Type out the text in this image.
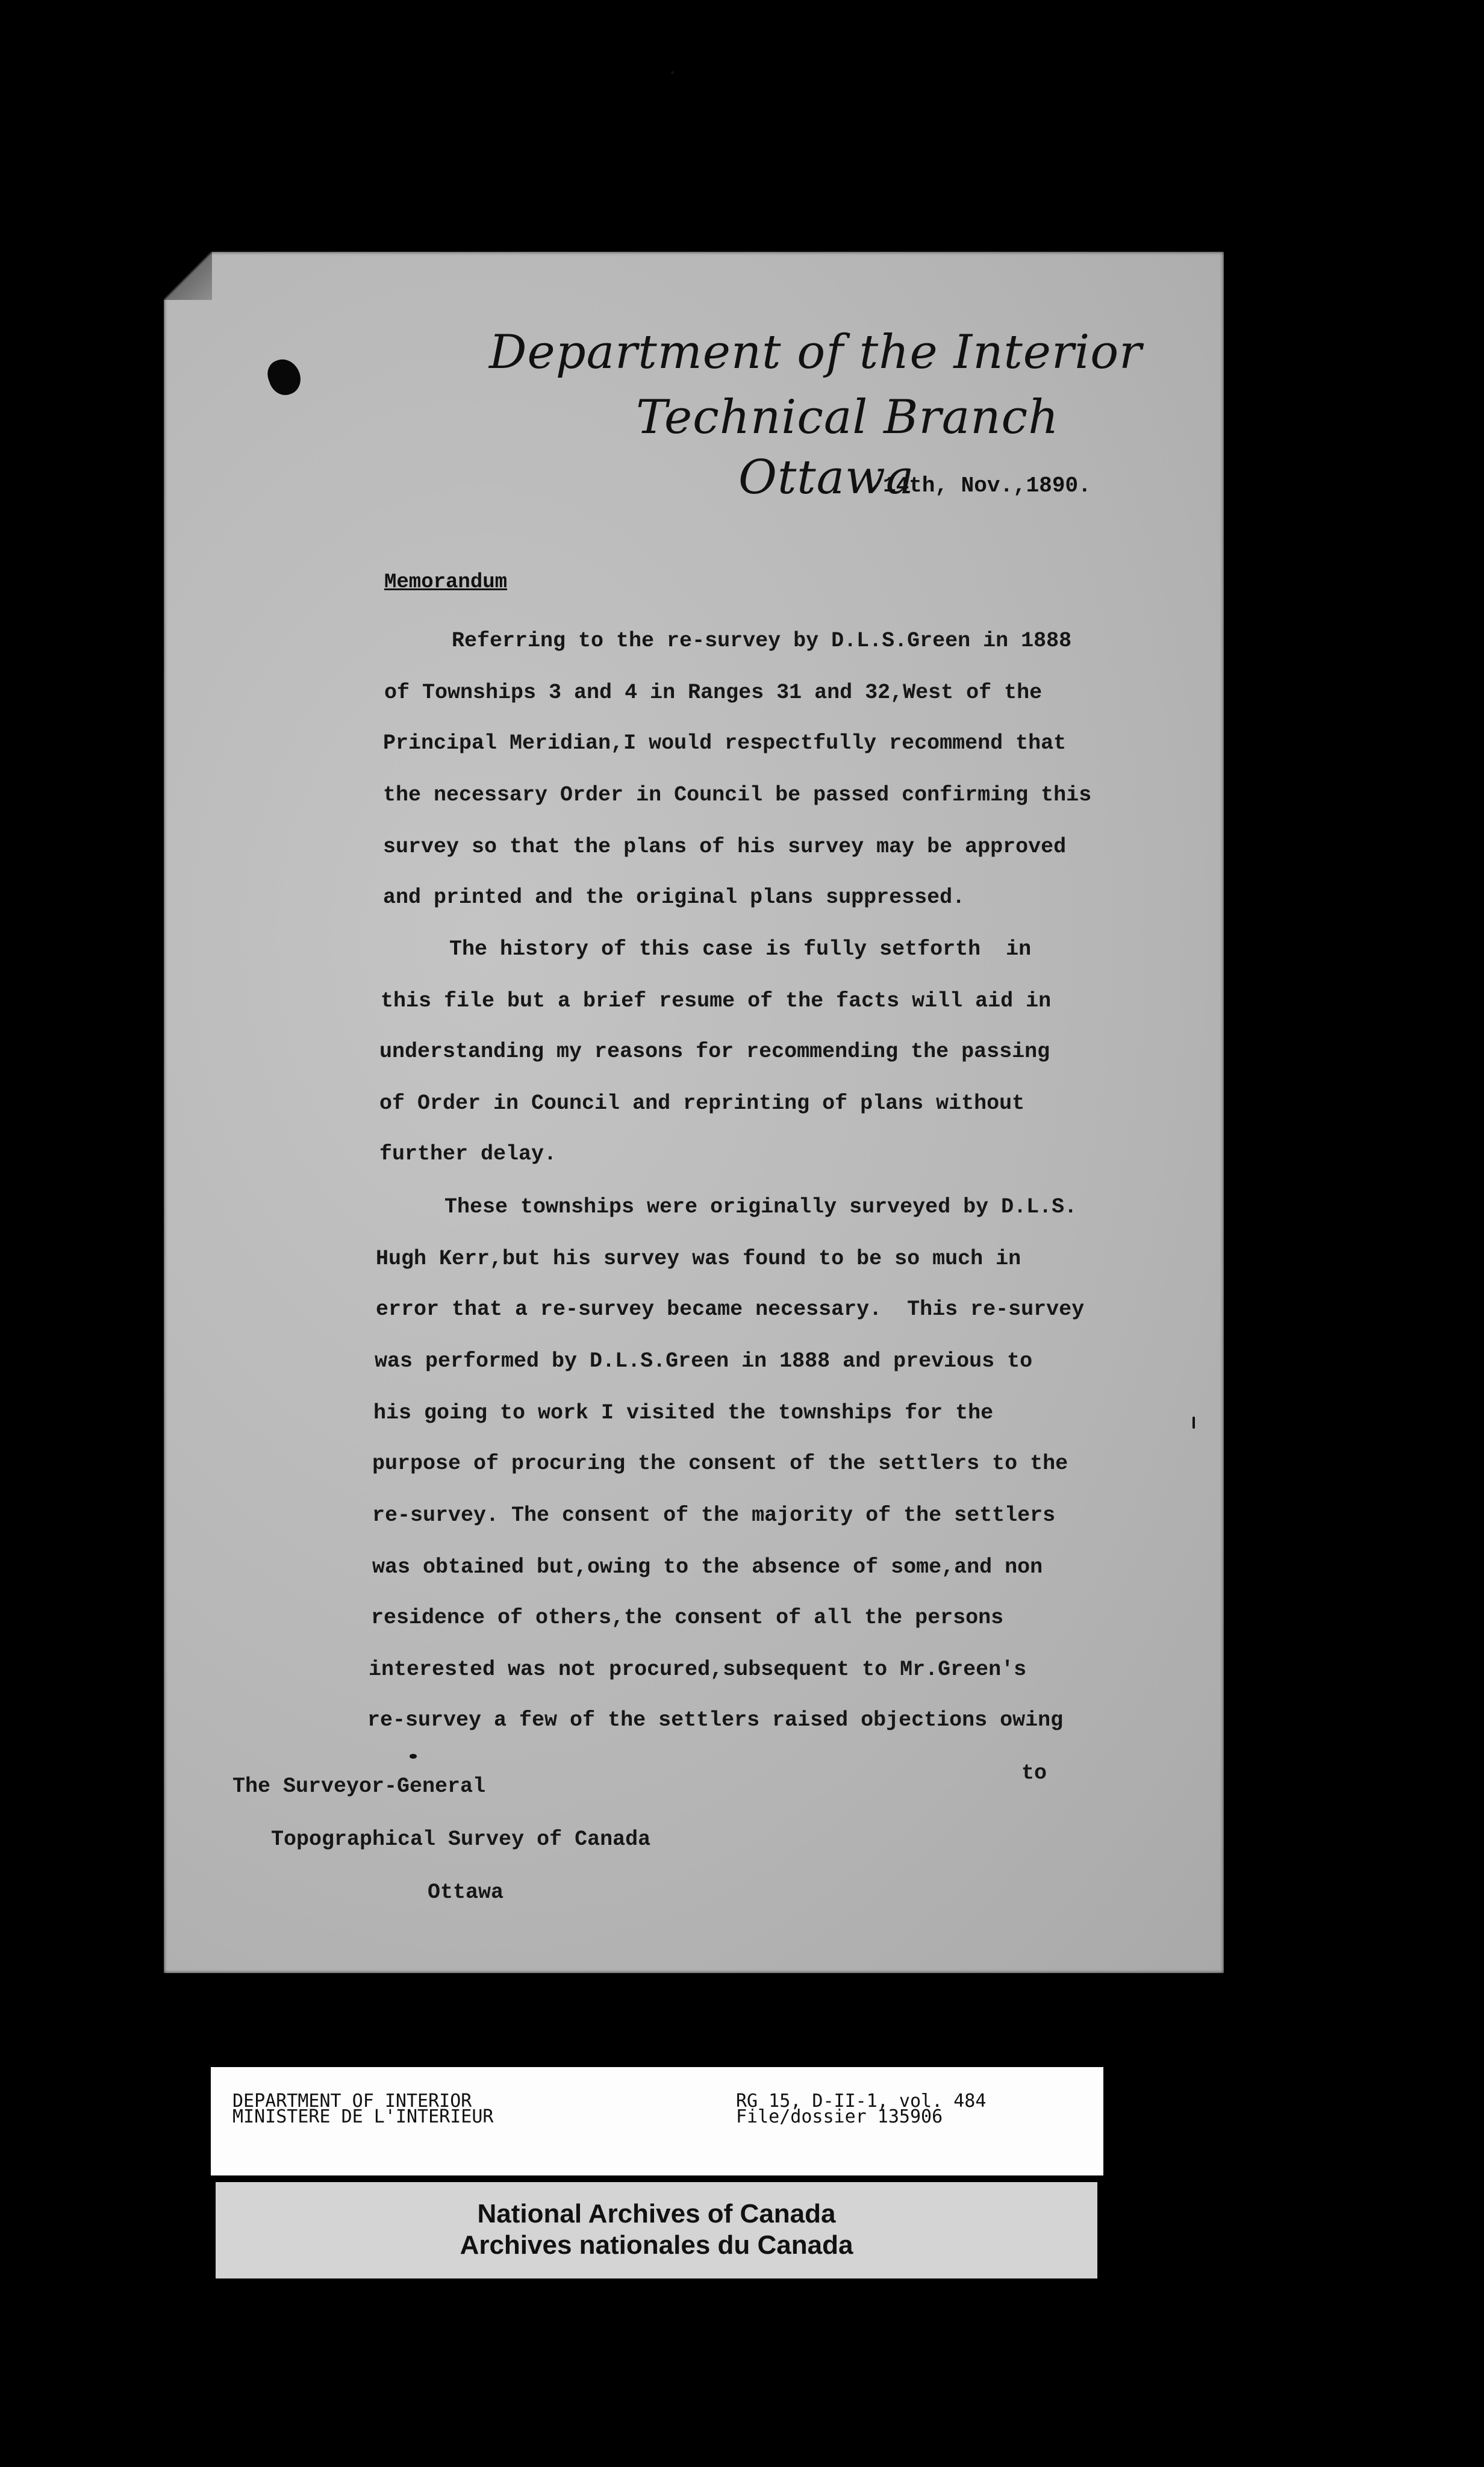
Department of the Interior
Technical Branch
Ottawa
14th, Nov.,1890.
Memorandum
Referring to the re-survey by D.L.S.Green in 1888
of Townships 3 and 4 in Ranges 31 and 32,West of the
Principal Meridian,I would respectfully recommend that
the necessary Order in Council be passed confirming this
survey so that the plans of his survey may be approved
and printed and the original plans suppressed.
The history of this case is fully setforth  in
this file but a brief resume of the facts will aid in
understanding my reasons for recommending the passing
of Order in Council and reprinting of plans without
further delay.
These townships were originally surveyed by D.L.S.
Hugh Kerr,but his survey was found to be so much in
error that a re-survey became necessary.  This re-survey
was performed by D.L.S.Green in 1888 and previous to
his going to work I visited the townships for the
purpose of procuring the consent of the settlers to the
re-survey. The consent of the majority of the settlers
was obtained but,owing to the absence of some,and non
residence of others,the consent of all the persons
interested was not procured,subsequent to Mr.Green's
re-survey a few of the settlers raised objections owing
to
The Surveyor-General
Topographical Survey of Canada
Ottawa
DEPARTMENT OF INTERIOR
MINISTERE DE L'INTERIEUR
RG 15, D-II-1, vol. 484
File/dossier 135906
National Archives of Canada
Archives nationales du Canada
